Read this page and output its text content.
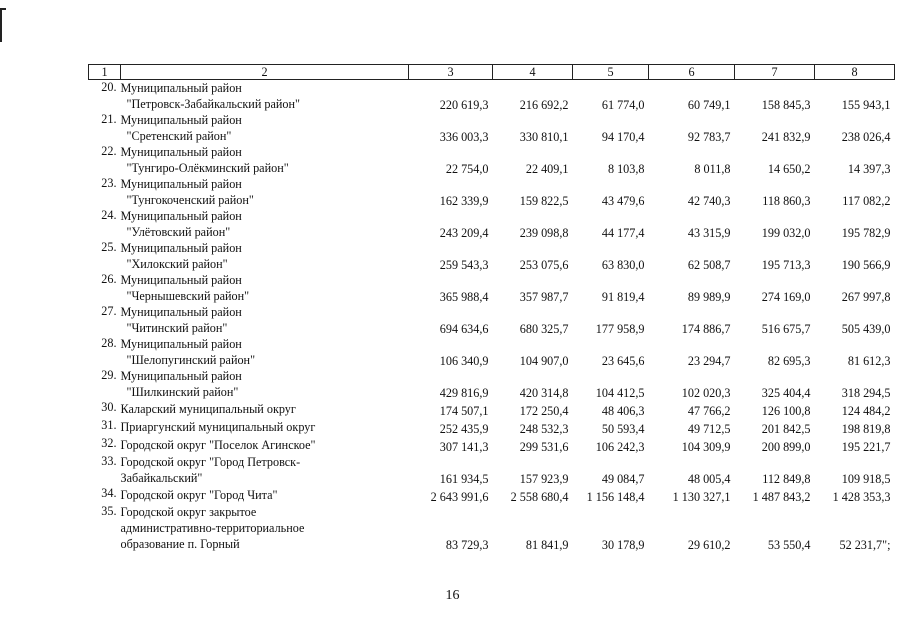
1	2	3	4	5	6	7	8
20.	Муниципальный район
"Петровск-Забайкальский район"	220 619,3	216 692,2	61 774,0	60 749,1	158 845,3	155 943,1
21.	Муниципальный район
"Сретенский район"	336 003,3	330 810,1	94 170,4	92 783,7	241 832,9	238 026,4
22.	Муниципальный район
"Тунгиро-Олёкминский район"	22 754,0	22 409,1	8 103,8	8 011,8	14 650,2	14 397,3
23.	Муниципальный район
"Тунгокоченский район"	162 339,9	159 822,5	43 479,6	42 740,3	118 860,3	117 082,2
24.	Муниципальный район
"Улётовский район"	243 209,4	239 098,8	44 177,4	43 315,9	199 032,0	195 782,9
25.	Муниципальный район
"Хилокский район"	259 543,3	253 075,6	63 830,0	62 508,7	195 713,3	190 566,9
26.	Муниципальный район
"Чернышевский район"	365 988,4	357 987,7	91 819,4	89 989,9	274 169,0	267 997,8
27.	Муниципальный район
"Читинский район"	694 634,6	680 325,7	177 958,9	174 886,7	516 675,7	505 439,0
28.	Муниципальный район
"Шелопугинский район"	106 340,9	104 907,0	23 645,6	23 294,7	82 695,3	81 612,3
29.	Муниципальный район
"Шилкинский район"	429 816,9	420 314,8	104 412,5	102 020,3	325 404,4	318 294,5
30.	Каларский муниципальный округ	174 507,1	172 250,4	48 406,3	47 766,2	126 100,8	124 484,2
31.	Приаргунский муниципальный округ	252 435,9	248 532,3	50 593,4	49 712,5	201 842,5	198 819,8
32.	Городской округ "Поселок Агинское"	307 141,3	299 531,6	106 242,3	104 309,9	200 899,0	195 221,7
33.	Городской округ "Город Петровск-
Забайкальский"	161 934,5	157 923,9	49 084,7	48 005,4	112 849,8	109 918,5
34.	Городской округ "Город Чита"	2 643 991,6	2 558 680,4	1 156 148,4	1 130 327,1	1 487 843,2	1 428 353,3
35.	Городской округ закрытое
административно-территориальное
образование п. Горный	83 729,3	81 841,9	30 178,9	29 610,2	53 550,4	52 231,7";
16
